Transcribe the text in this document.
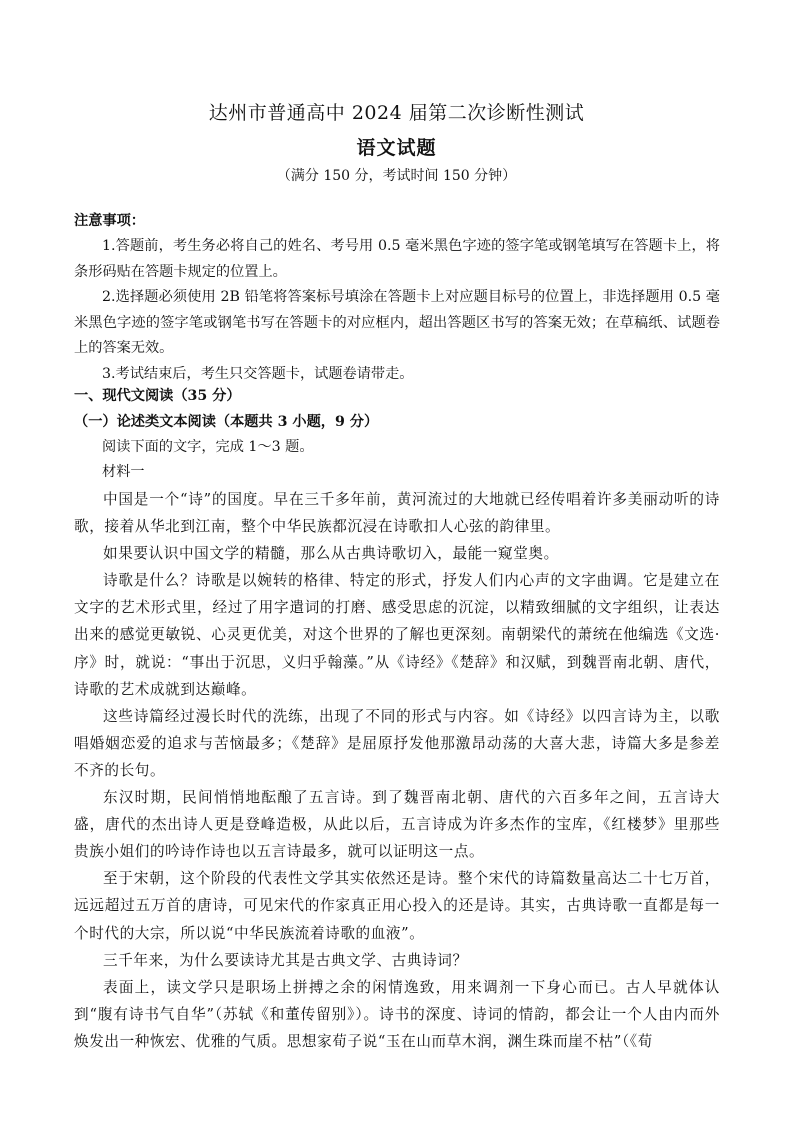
达州市普通高中 2024 届第二次诊断性测试
语文试题
（满分 150 分，考试时间 150 分钟）
注意事项：

1.答题前，考生务必将自己的姓名、考号用 0.5 毫米黑色字迹的签字笔或钢笔填写在答题卡上，将条形码贴在答题卡规定的位置上。

2.选择题必须使用 2B 铅笔将答案标号填涂在答题卡上对应题目标号的位置上，非选择题用 0.5 毫米黑色字迹的签字笔或钢笔书写在答题卡的对应框内，超出答题区书写的答案无效；在草稿纸、试题卷上的答案无效。

3.考试结束后，考生只交答题卡，试题卷请带走。

一、现代文阅读（35 分）
（一）论述类文本阅读（本题共 3 小题，9 分）
阅读下面的文字，完成 1～3 题。
材料一

中国是一个“诗”的国度。早在三千多年前，黄河流过的大地就已经传唱着许多美丽动听的诗歌，接着从华北到江南，整个中华民族都沉浸在诗歌扣人心弦的韵律里。

如果要认识中国文学的精髓，那么从古典诗歌切入，最能一窥堂奥。

诗歌是什么？诗歌是以婉转的格律、特定的形式，抒发人们内心声的文字曲调。它是建立在文字的艺术形式里，经过了用字遣词的打磨、感受思虑的沉淀，以精致细腻的文字组织，让表达出来的感觉更敏锐、心灵更优美，对这个世界的了解也更深刻。南朝梁代的萧统在他编选《文选·序》时，就说：“事出于沉思，义归乎翰藻。”从《诗经》《楚辞》和汉赋，到魏晋南北朝、唐代，诗歌的艺术成就到达巅峰。

这些诗篇经过漫长时代的洗练，出现了不同的形式与内容。如《诗经》以四言诗为主，以歌唱婚姻恋爱的追求与苦恼最多；《楚辞》是屈原抒发他那激昂动荡的大喜大悲，诗篇大多是参差不齐的长句。

东汉时期，民间悄悄地酝酿了五言诗。到了魏晋南北朝、唐代的六百多年之间，五言诗大盛，唐代的杰出诗人更是登峰造极，从此以后，五言诗成为许多杰作的宝库，《红楼梦》里那些贵族小姐们的吟诗作诗也以五言诗最多，就可以证明这一点。

至于宋朝，这个阶段的代表性文学其实依然还是诗。整个宋代的诗篇数量高达二十七万首，远远超过五万首的唐诗，可见宋代的作家真正用心投入的还是诗。其实，古典诗歌一直都是每一个时代的大宗，所以说“中华民族流着诗歌的血液”。

三千年来，为什么要读诗尤其是古典文学、古典诗词？

表面上，读文学只是职场上拼搏之余的闲情逸致，用来调剂一下身心而已。古人早就体认到“腹有诗书气自华”（苏轼《和董传留别》）。诗书的深度、诗词的情韵，都会让一个人由内而外焕发出一种恢宏、优雅的气质。思想家荀子说“玉在山而草木润，渊生珠而崖不枯”（《荀
